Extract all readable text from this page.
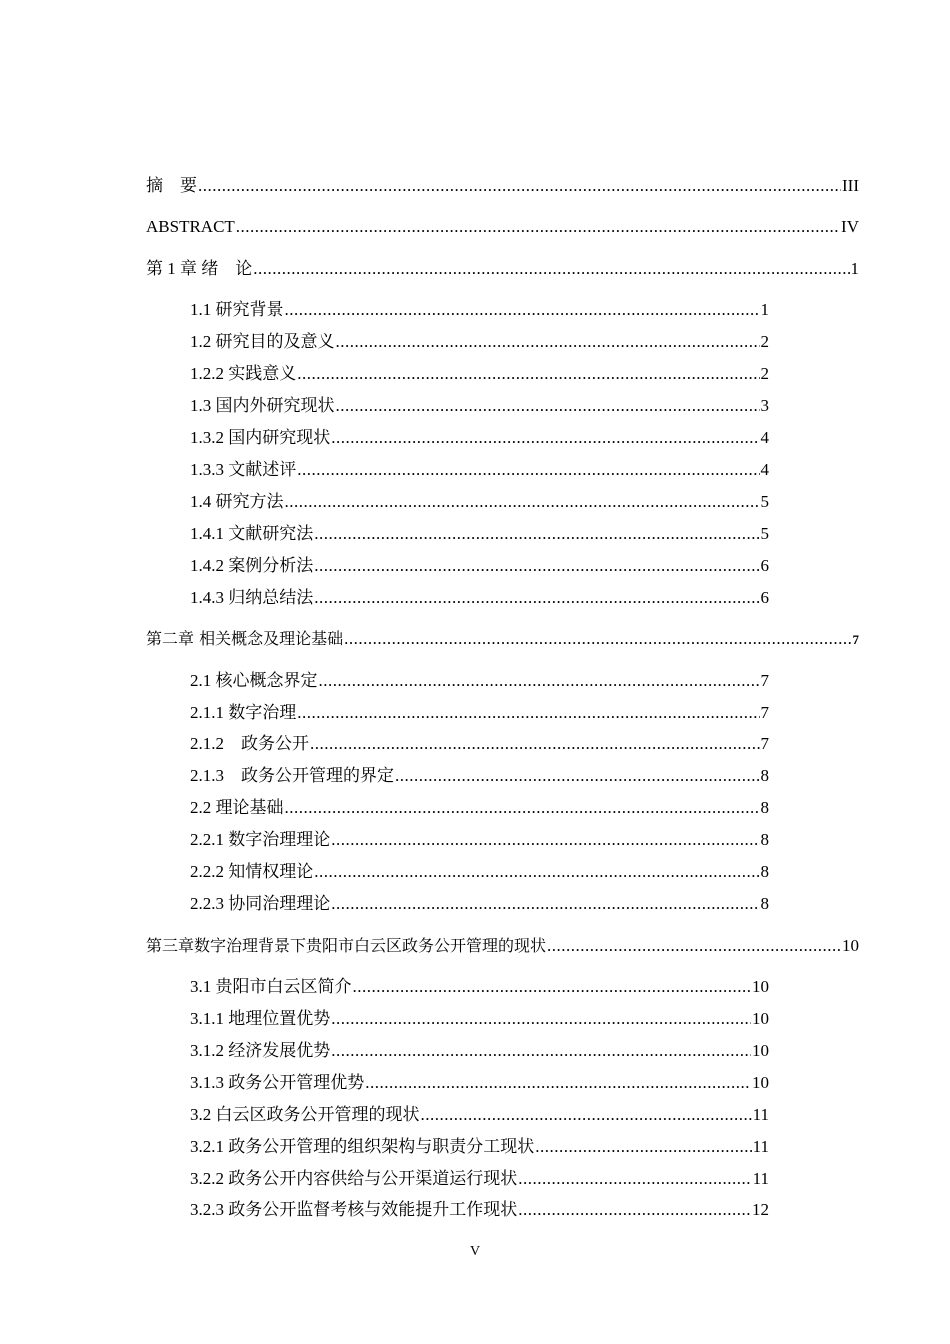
摘　要 .....	III
ABSTRACT .....	IV
第 1 章 绪　论 .....	1
1.1 研究背景 .....	1
1.2 研究目的及意义 .....	2
1.2.2 实践意义 .....	2
1.3 国内外研究现状 .....	3
1.3.2 国内研究现状 .....	4
1.3.3 文献述评 .....	4
1.4 研究方法 .....	5
1.4.1 文献研究法 .....	5
1.4.2 案例分析法 .....	6
1.4.3 归纳总结法 .....	6
第二章 相关概念及理论基础 .....	7
2.1 核心概念界定 .....	7
2.1.1 数字治理 .....	7
2.1.2　政务公开 .....	7
2.1.3　政务公开管理的界定 .....	8
2.2 理论基础 .....	8
2.2.1 数字治理理论 .....	8
2.2.2 知情权理论 .....	8
2.2.3 协同治理理论 .....	8
第三章数字治理背景下贵阳市白云区政务公开管理的现状 .....	10
3.1 贵阳市白云区简介 .....	10
3.1.1 地理位置优势 .....	10
3.1.2 经济发展优势 .....	10
3.1.3 政务公开管理优势 .....	10
3.2 白云区政务公开管理的现状 .....	11
3.2.1 政务公开管理的组织架构与职责分工现状 .....	11
3.2.2 政务公开内容供给与公开渠道运行现状 .....	11
3.2.3 政务公开监督考核与效能提升工作现状 .....	12
V
